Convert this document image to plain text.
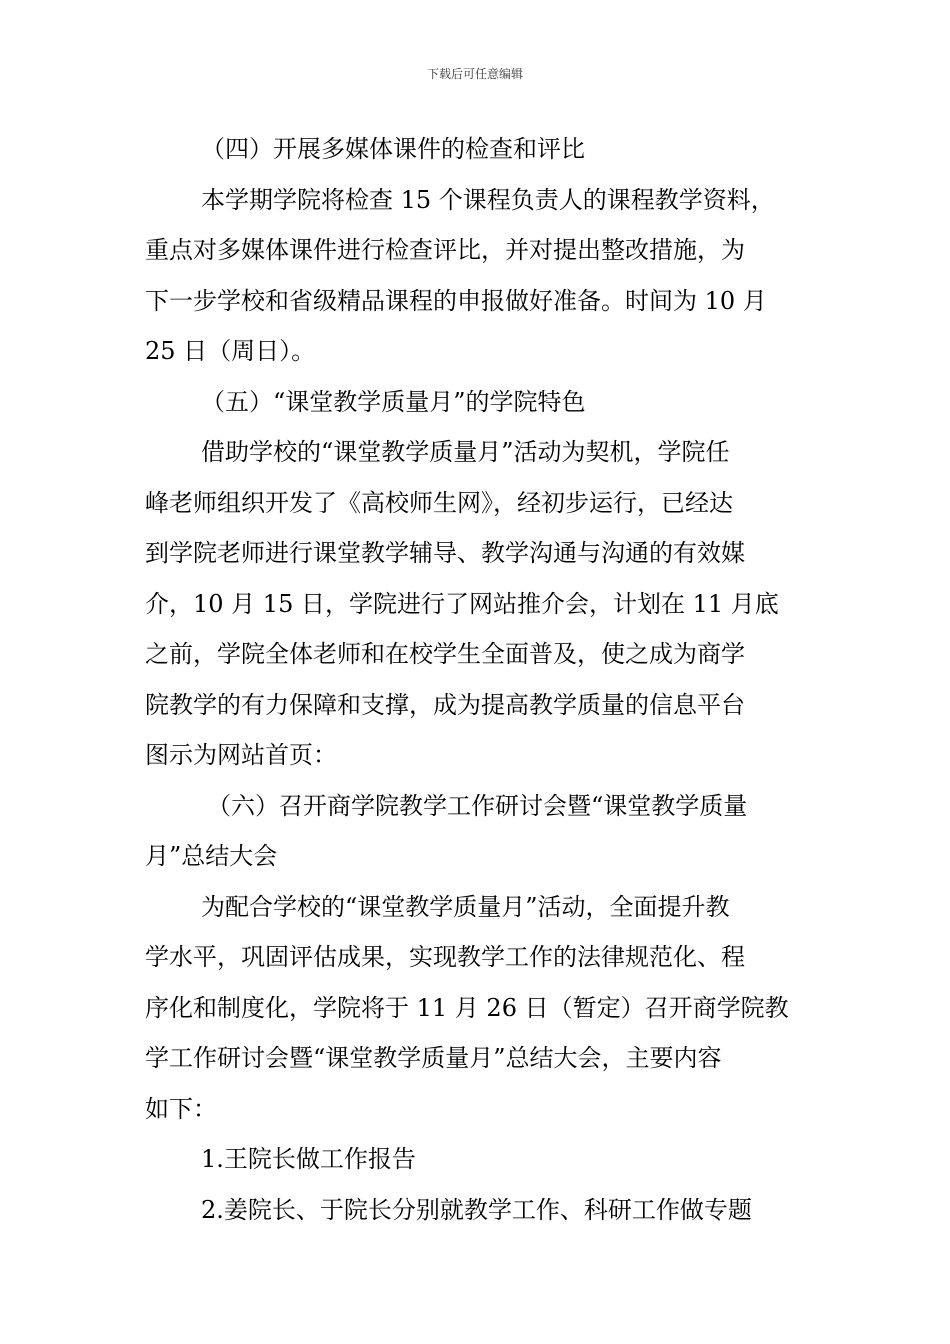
下载后可任意编辑

（四）开展多媒体课件的检查和评比

本学期学院将检查 15 个课程负责人的课程教学资料，

重点对多媒体课件进行检查评比，并对提出整改措施，为

下一步学校和省级精品课程的申报做好准备。时间为 10 月

25 日（周日）。

（五）“课堂教学质量月”的学院特色

借助学校的“课堂教学质量月”活动为契机，学院任

峰老师组织开发了《高校师生网》，经初步运行，已经达

到学院老师进行课堂教学辅导、教学沟通与沟通的有效媒

介，10 月 15 日，学院进行了网站推介会，计划在 11 月底

之前，学院全体老师和在校学生全面普及，使之成为商学

院教学的有力保障和支撑，成为提高教学质量的信息平台

图示为网站首页：

（六）召开商学院教学工作研讨会暨“课堂教学质量

月”总结大会

为配合学校的“课堂教学质量月”活动，全面提升教

学水平，巩固评估成果，实现教学工作的法律规范化、程

序化和制度化，学院将于 11 月 26 日（暂定）召开商学院教

学工作研讨会暨“课堂教学质量月”总结大会，主要内容

如下：

1.王院长做工作报告

2.姜院长、于院长分别就教学工作、科研工作做专题
